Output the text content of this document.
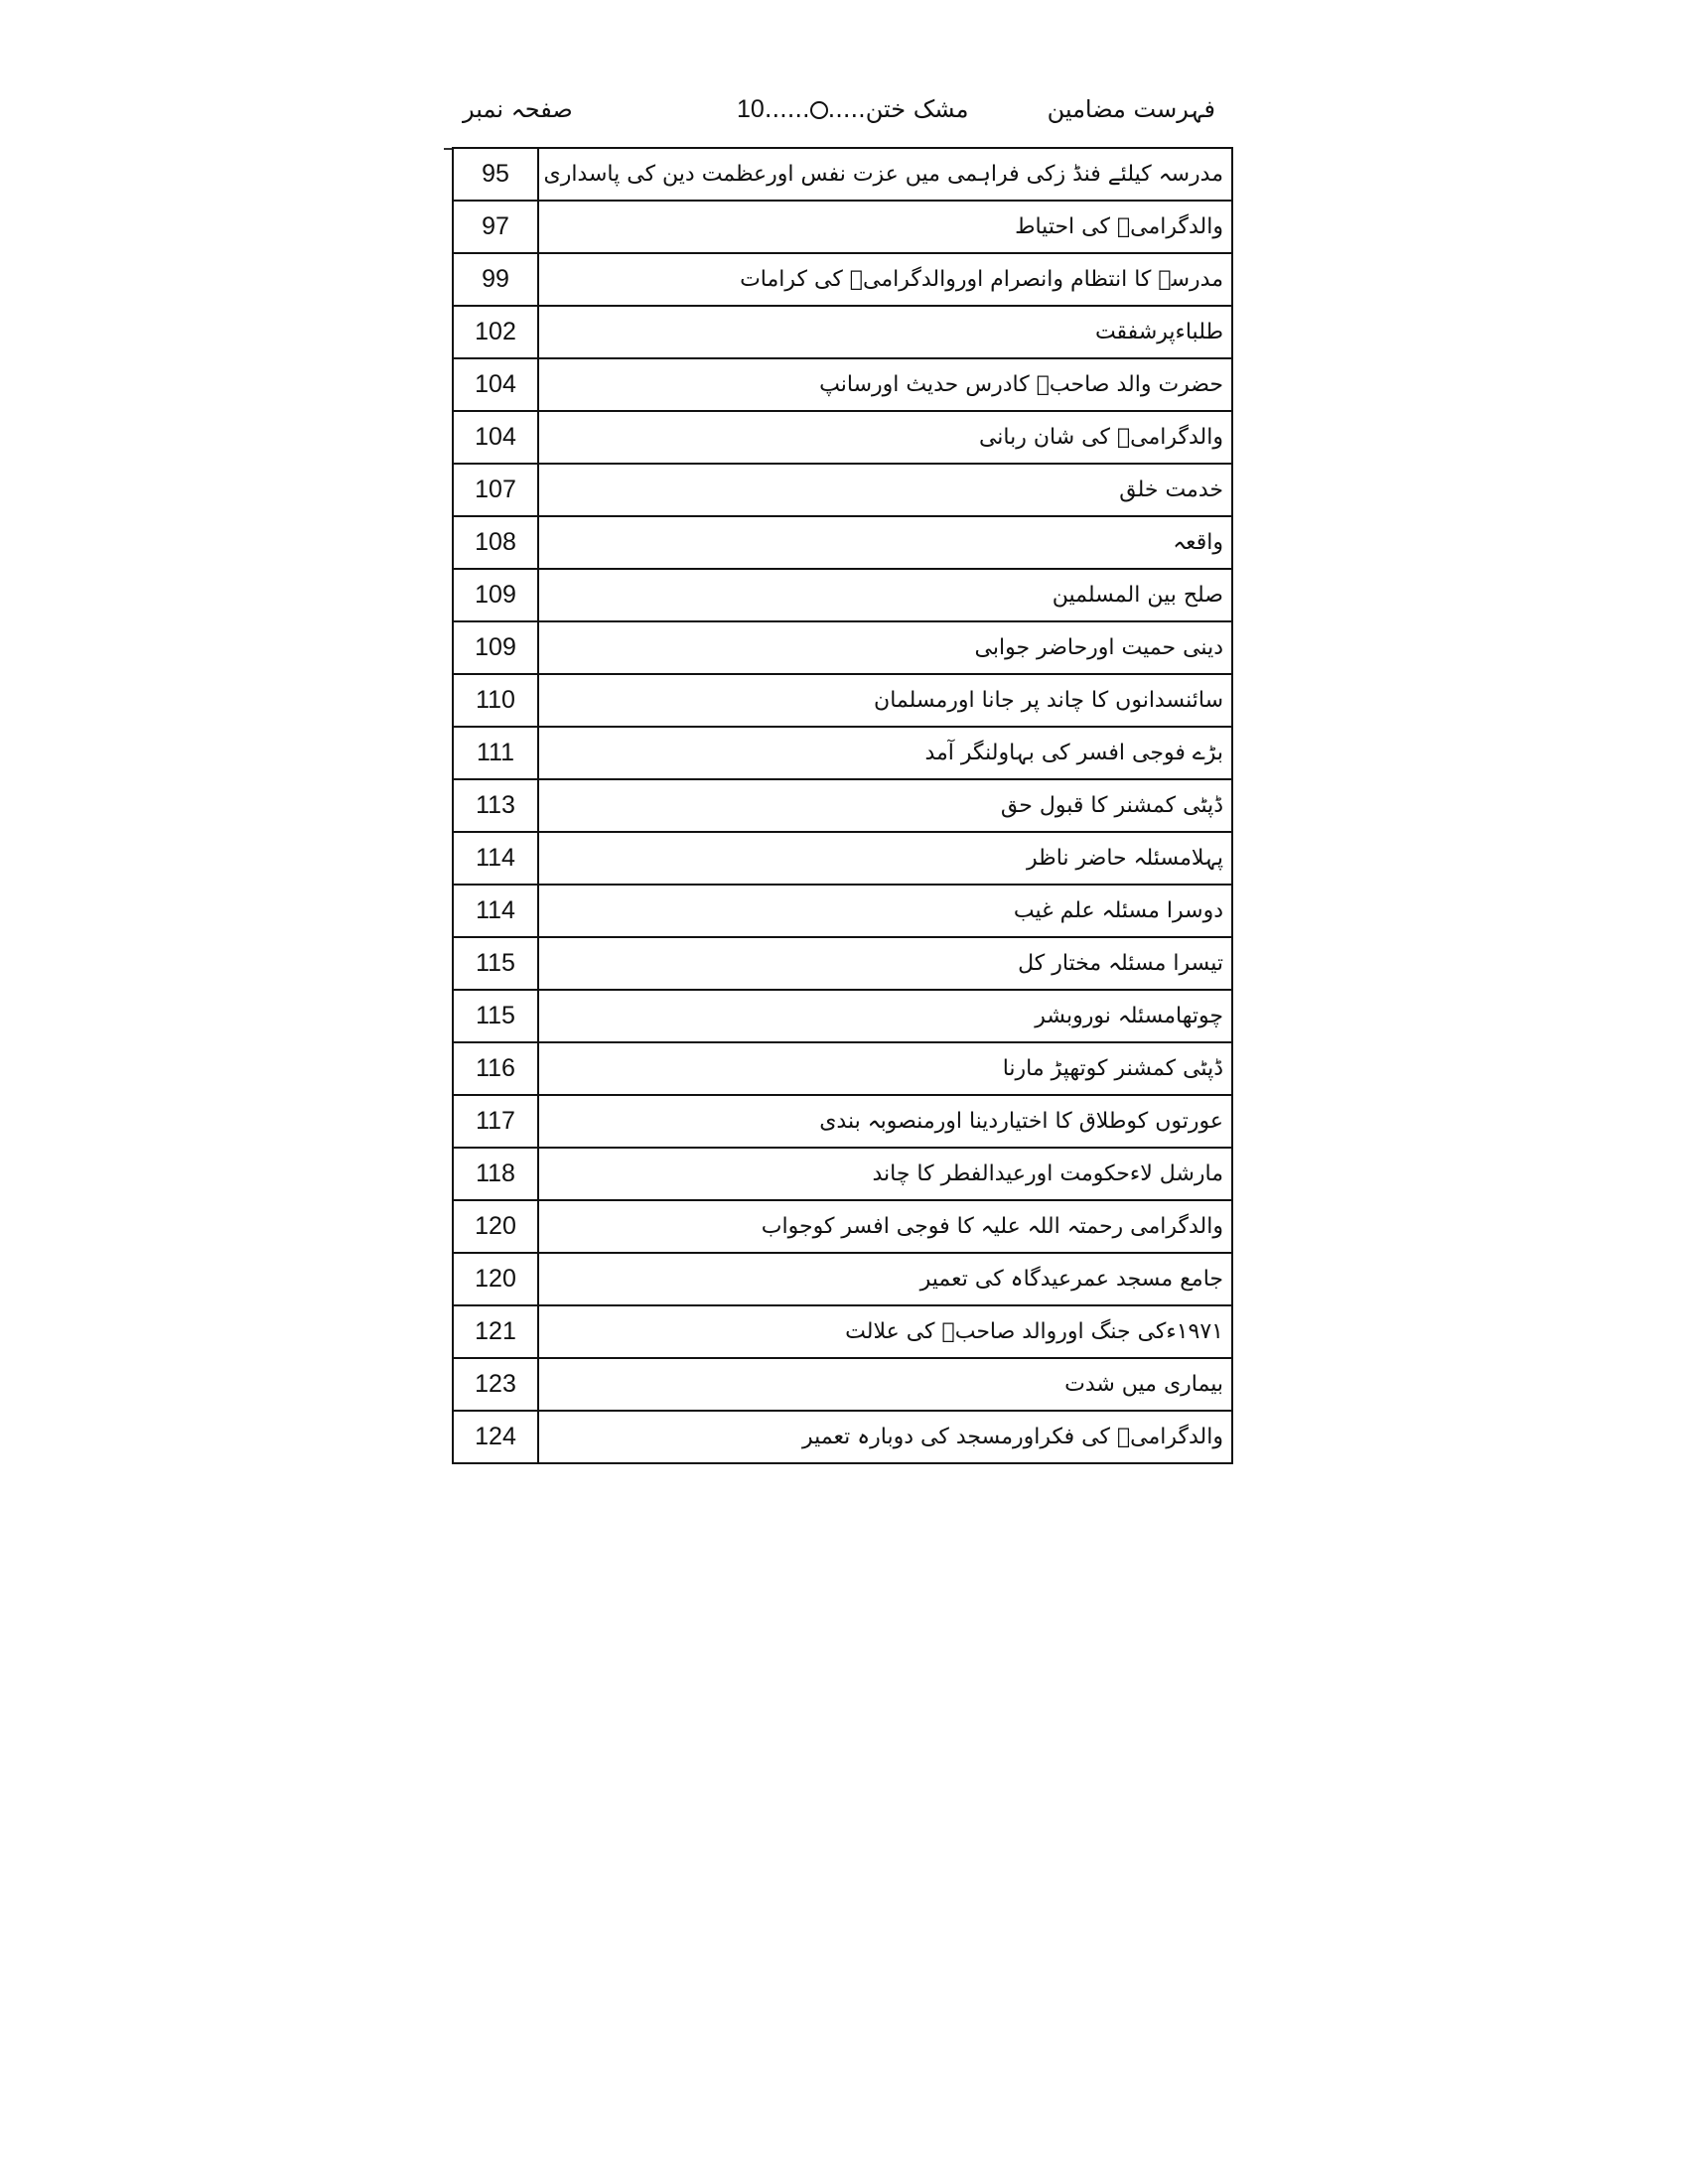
صفحہ نمبر	10...... .....مشک ختن	فہرست مضامین
95	مدرسہ کیلئے فنڈ زکی فراہمی میں عزت نفس اورعظمت دین کی پاسداری
97	والدگرامیؒ کی احتیاط
99	مدرسہ کا انتظام وانصرام اوروالدگرامیؒ کی کرامات
102	طلباءپرشفقت
104	حضرت والد صاحبؒ کادرس حدیث اورسانپ
104	والدگرامیؒ کی شان ربانی
107	خدمت خلق
108	واقعہ
109	صلح بین المسلمین
109	دینی حمیت اورحاضر جوابی
110	سائنسدانوں کا چاند پر جانا اورمسلمان
111	بڑے فوجی افسر کی بہاولنگر آمد
113	ڈپٹی کمشنر کا قبول حق
114	پہلامسئلہ حاضر ناظر
114	دوسرا مسئلہ علم غیب
115	تیسرا مسئلہ مختار کل
115	چوتھامسئلہ نوروبشر
116	ڈپٹی کمشنر کوتھپڑ مارنا
117	عورتوں کوطلاق کا اختیاردینا اورمنصوبہ بندی
118	مارشل لاءحکومت اورعیدالفطر کا چاند
120	والدگرامی رحمتہ اللہ علیہ کا فوجی افسر کوجواب
120	جامع مسجد عمرعیدگاہ کی تعمیر
121	۱۹۷۱ءکی جنگ اوروالد صاحبؒ کی علالت
123	بیماری میں شدت
124	والدگرامیؒ کی فکراورمسجد کی دوبارہ تعمیر
